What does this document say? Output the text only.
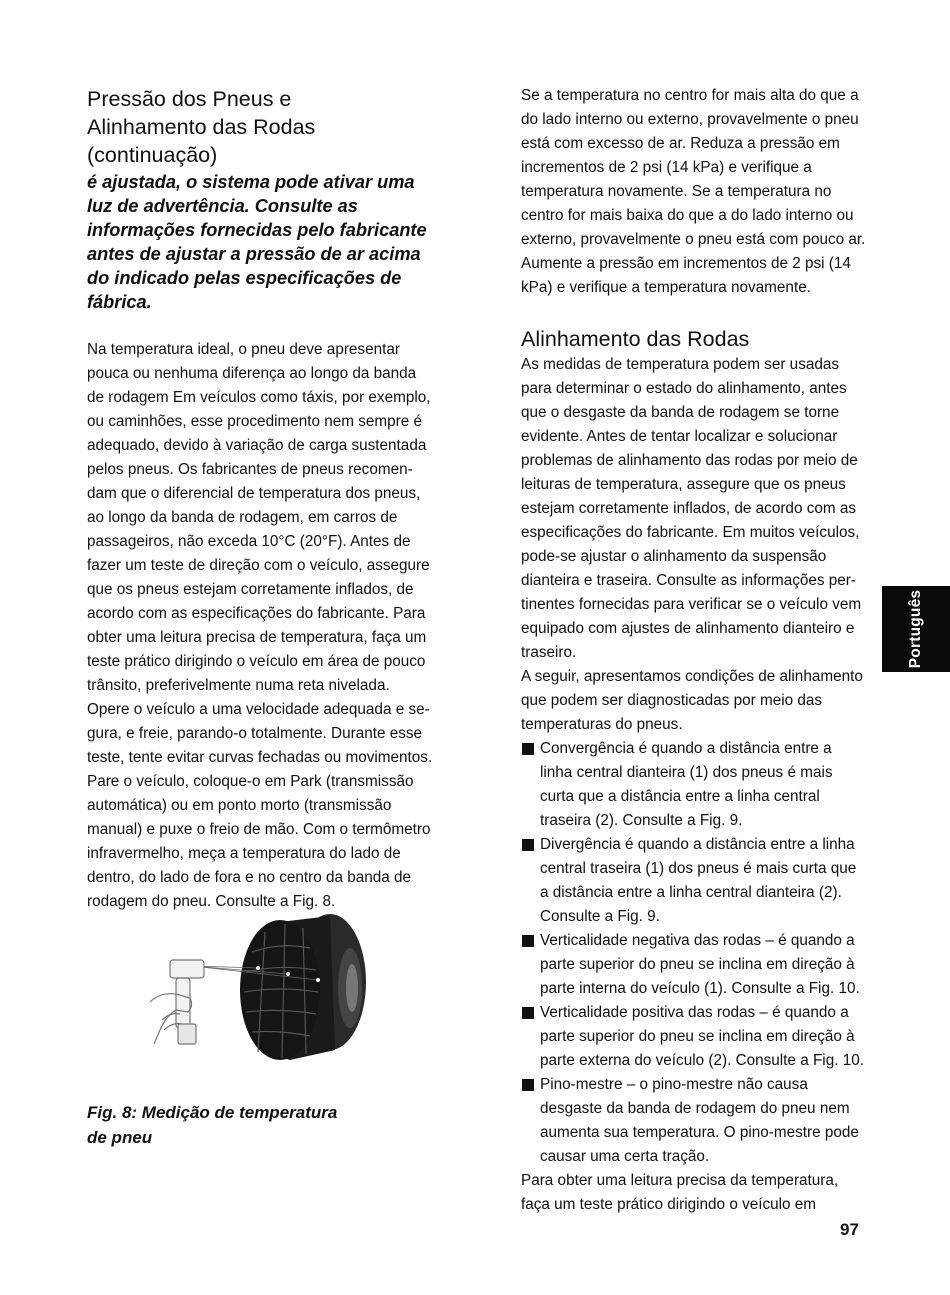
Pressão dos Pneus e
Alinhamento das Rodas
(continuação)

é ajustada, o sistema pode ativar uma luz de advertência. Consulte as informações fornecidas pelo fabricante antes de ajustar a pressão de ar acima do indicado pelas especificações de fábrica.

Na temperatura ideal, o pneu deve apresentar pouca ou nenhuma diferença ao longo da banda de rodagem Em veículos como táxis, por exemplo, ou caminhões, esse procedimento nem sempre é adequado, devido à variação de carga sustentada pelos pneus. Os fabricantes de pneus recomen-dam que o diferencial de temperatura dos pneus, ao longo da banda de rodagem, em carros de passageiros, não exceda 10°C (20°F). Antes de fazer um teste de direção com o veículo, assegure que os pneus estejam corretamente inflados, de acordo com as especificações do fabricante. Para obter uma leitura precisa de temperatura, faça um teste prático dirigindo o veículo em área de pouco trânsito, preferivelmente numa reta nivelada. Opere o veículo a uma velocidade adequada e se-gura, e freie, parando-o totalmente. Durante esse teste, tente evitar curvas fechadas ou movimentos. Pare o veículo, coloque-o em Park (transmissão automática) ou em ponto morto (transmissão manual) e puxe o freio de mão. Com o termômetro infravermelho, meça a temperatura do lado de dentro, do lado de fora e no centro da banda de rodagem do pneu. Consulte a Fig. 8.

Fig. 8: Medição de temperatura
de pneu

Se a temperatura no centro for mais alta do que a do lado interno ou externo, provavelmente o pneu está com excesso de ar. Reduza a pressão em incrementos de 2 psi (14 kPa) e verifique a temperatura novamente. Se a temperatura no centro for mais baixa do que a do lado interno ou externo, provavelmente o pneu está com pouco ar. Aumente a pressão em incrementos de 2 psi (14 kPa) e verifique a temperatura novamente.

Alinhamento das Rodas

As medidas de temperatura podem ser usadas para determinar o estado do alinhamento, antes que o desgaste da banda de rodagem se torne evidente. Antes de tentar localizar e solucionar problemas de alinhamento das rodas por meio de leituras de temperatura, assegure que os pneus estejam corretamente inflados, de acordo com as especificações do fabricante. Em muitos veículos, pode-se ajustar o alinhamento da suspensão dianteira e traseira. Consulte as informações per-tinentes fornecidas para verificar se o veículo vem equipado com ajustes de alinhamento dianteiro e traseiro.

A seguir, apresentamos condições de alinhamento que podem ser diagnosticadas por meio das temperaturas do pneus.

Convergência é quando a distância entre a linha central dianteira (1) dos pneus é mais curta que a distância entre a linha central traseira (2). Consulte a Fig. 9.
Divergência é quando a distância entre a linha central traseira (1) dos pneus é mais curta que a distância entre a linha central dianteira (2). Consulte a Fig. 9.
Verticalidade negativa das rodas – é quando a parte superior do pneu se inclina em direção à parte interna do veículo (1). Consulte a Fig. 10.
Verticalidade positiva das rodas – é quando a parte superior do pneu se inclina em direção à parte externa do veículo (2). Consulte a Fig. 10.
Pino-mestre – o pino-mestre não causa desgaste da banda de rodagem do pneu nem aumenta sua temperatura. O pino-mestre pode causar uma certa tração.

Para obter uma leitura precisa da temperatura, faça um teste prático dirigindo o veículo em

Português

97
